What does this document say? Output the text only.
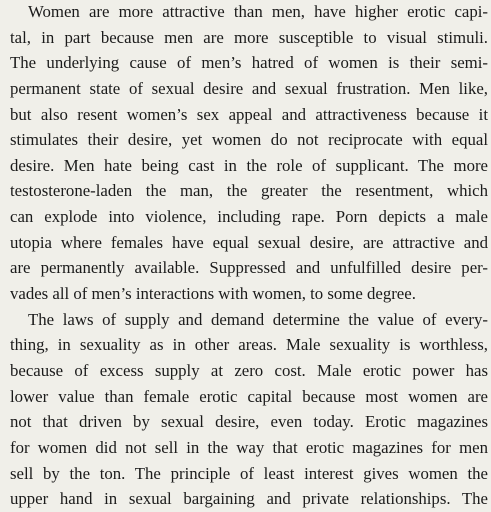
Women are more attractive than men, have higher erotic capi-
tal, in part because men are more susceptible to visual stimuli.
The underlying cause of men’s hatred of women is their semi-
permanent state of sexual desire and sexual frustration. Men like,
but also resent women’s sex appeal and attractiveness because it
stimulates their desire, yet women do not reciprocate with equal
desire. Men hate being cast in the role of supplicant. The more
testosterone-laden the man, the greater the resentment, which
can explode into violence, including rape. Porn depicts a male
utopia where females have equal sexual desire, are attractive and
are permanently available. Suppressed and unfulfilled desire per-
vades all of men’s interactions with women, to some degree.
The laws of supply and demand determine the value of every-
thing, in sexuality as in other areas. Male sexuality is worthless,
because of excess supply at zero cost. Male erotic power has
lower value than female erotic capital because most women are
not that driven by sexual desire, even today. Erotic magazines
for women did not sell in the way that erotic magazines for men
sell by the ton. The principle of least interest gives women the
upper hand in sexual bargaining and private relationships. The
